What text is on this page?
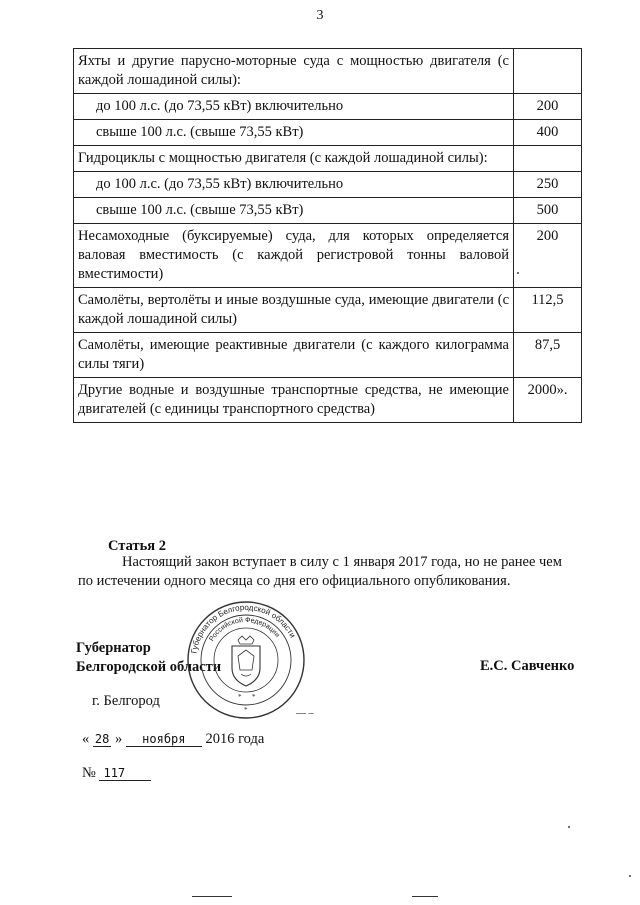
3
Яхты и другие парусно-моторные суда с мощностью двигателя (с каждой лошадиной силы):	
до 100 л.с. (до 73,55 кВт) включительно	200
свыше 100 л.с. (свыше 73,55 кВт)	400
Гидроциклы с мощностью двигателя (с каждой лошадиной силы):	
до 100 л.с. (до 73,55 кВт) включительно	250
свыше 100 л.с. (свыше 73,55 кВт)	500
Несамоходные (буксируемые) суда, для которых определяется валовая вместимость (с каждой регистровой тонны валовой вместимости)	200
Самолёты, вертолёты и иные воздушные суда, имеющие двигатели (с каждой лошадиной силы)	112,5
Самолёты, имеющие реактивные двигатели (с каждого килограмма силы тяги)	87,5
Другие водные и воздушные транспортные средства, не имеющие двигателей (с единицы транспортного средства)	2000».
Статья 2
Настоящий закон вступает в силу с 1 января 2017 года, но не ранее чем
по истечении одного месяца со дня его официального опубликования.
Губернатор
Белгородской области
Губернатор Белгородской области
Российской Федерации
* *
*	— –
Е.С. Савченко
г. Белгород
« 28 » ноября 2016 года
№ 117
